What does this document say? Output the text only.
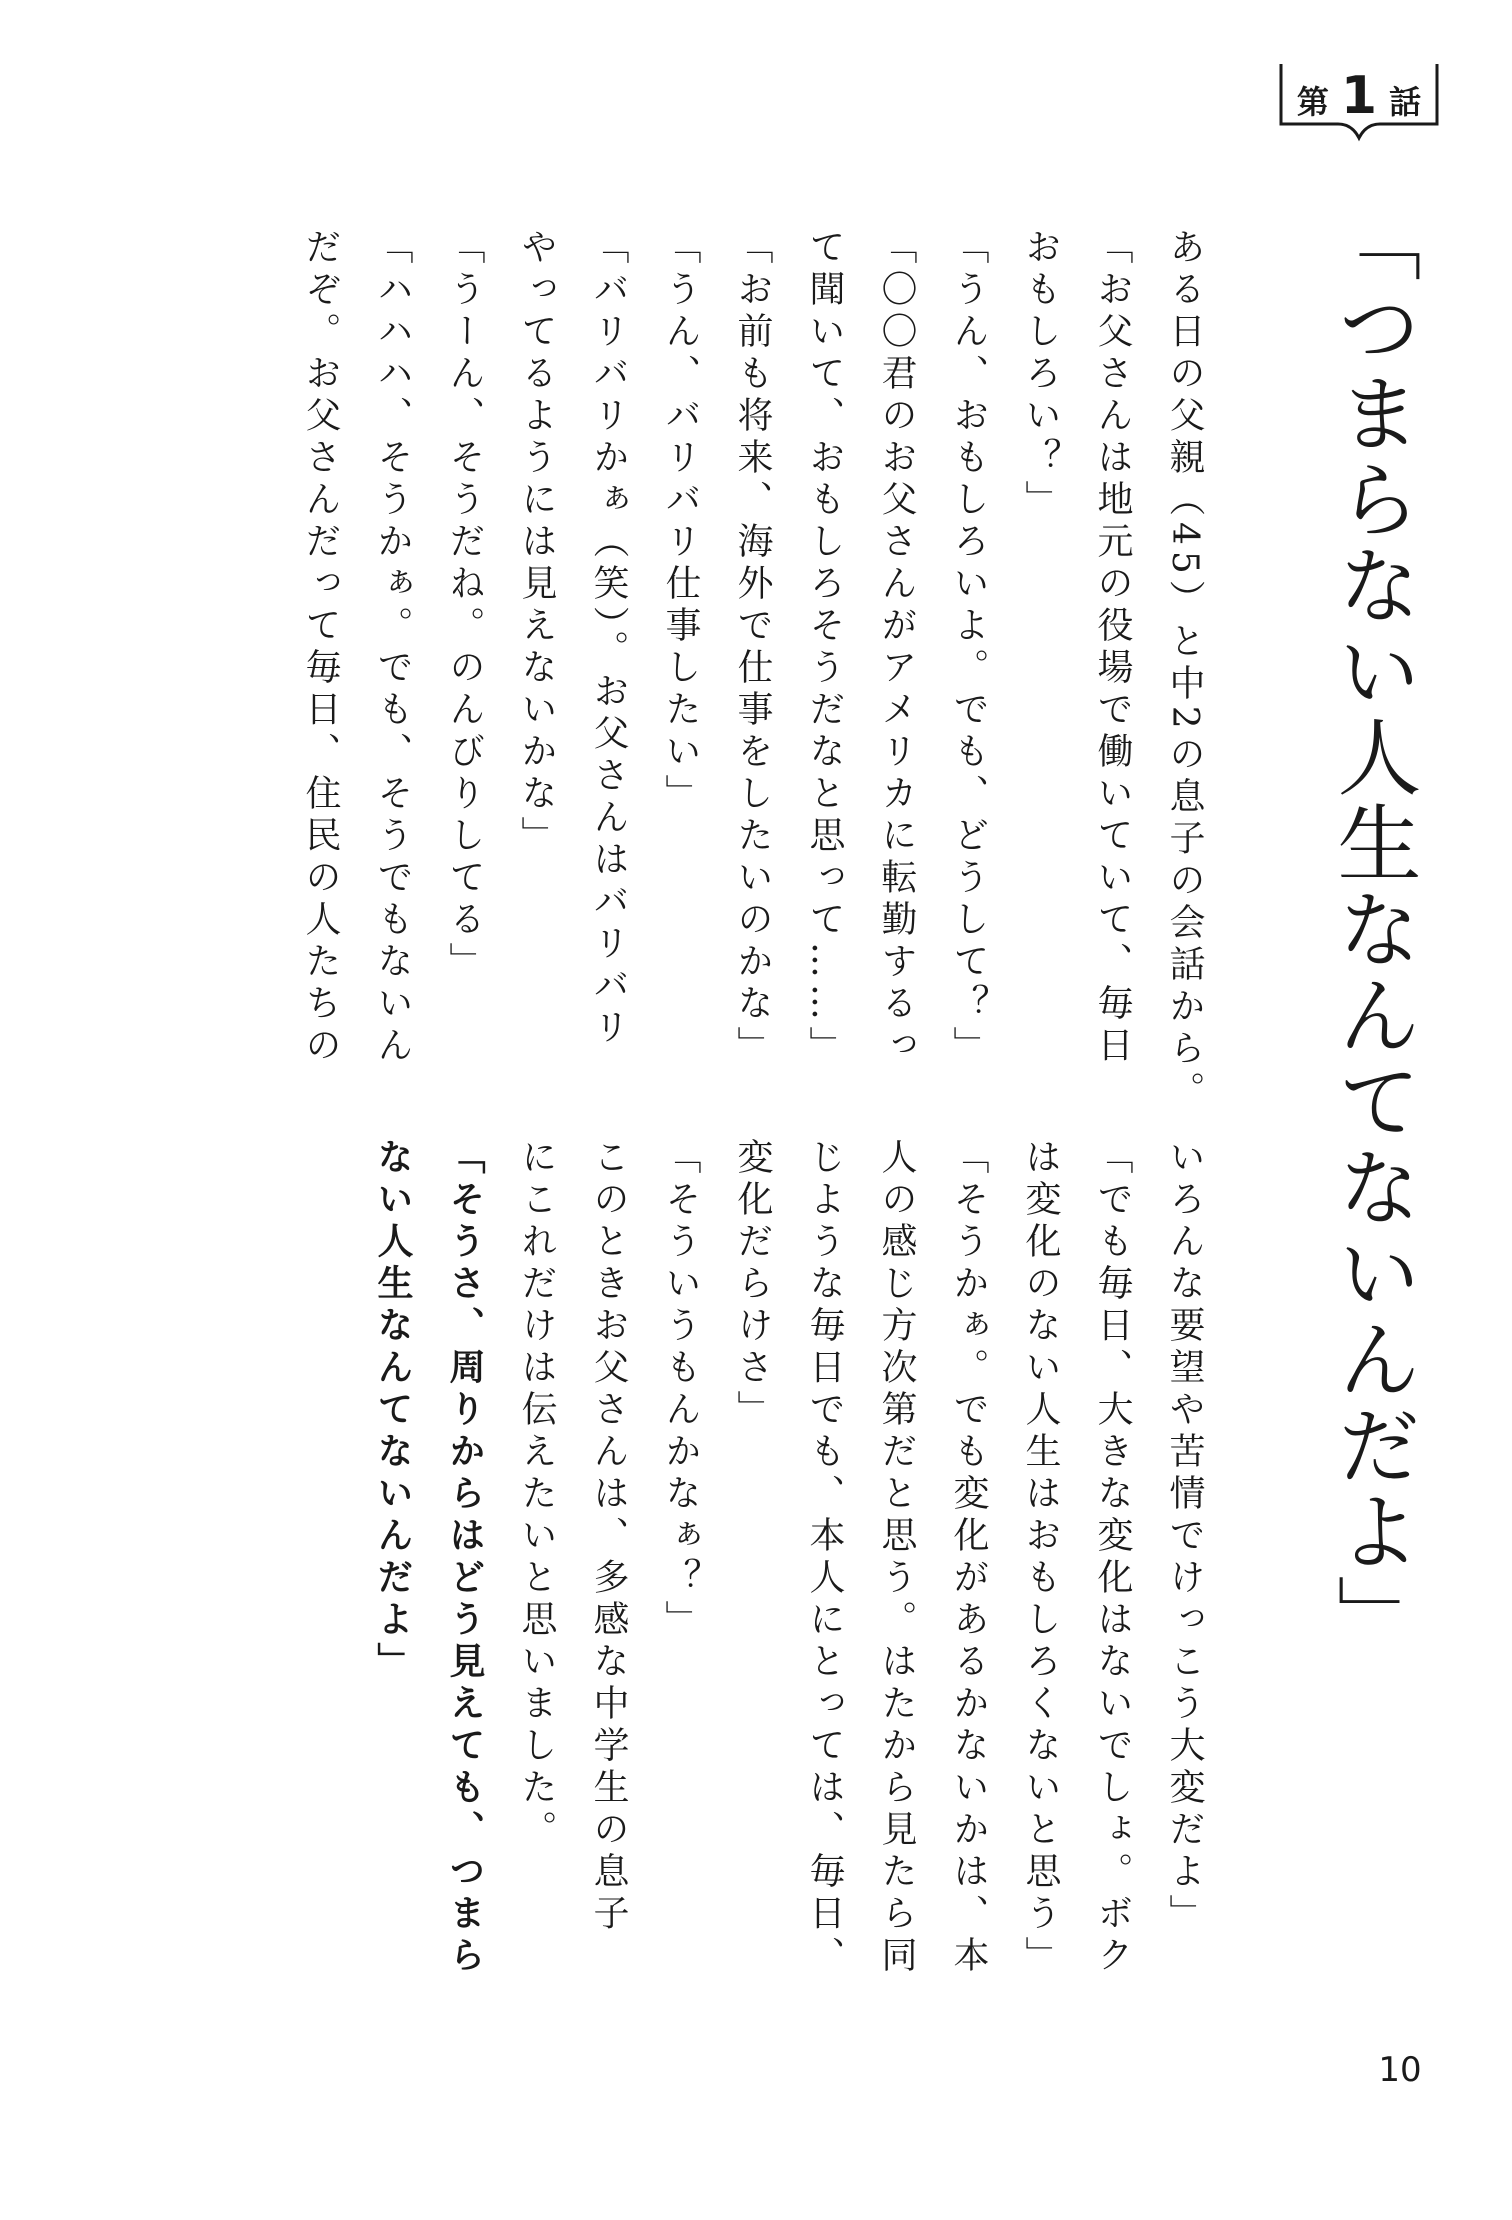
第 1 話
「つまらない人生なんてないんだよ」
ある日の父親（45）と中2の息子の会話から。
「お父さんは地元の役場で働いていて、毎日
おもしろい？」
「うん、おもしろいよ。でも、どうして？」
「〇〇君のお父さんがアメリカに転勤するっ
て聞いて、おもしろそうだなと思って……」
「お前も将来、海外で仕事をしたいのかな」
「うん、バリバリ仕事したい」
「バリバリかぁ（笑）。お父さんはバリバリ
やってるようには見えないかな」
「うーん、そうだね。のんびりしてる」
「ハハハ、そうかぁ。でも、そうでもないん
だぞ。お父さんだって毎日、住民の人たちの
いろんな要望や苦情でけっこう大変だよ」
「でも毎日、大きな変化はないでしょ。ボク
は変化のない人生はおもしろくないと思う」
「そうかぁ。でも変化があるかないかは、本
人の感じ方次第だと思う。はたから見たら同
じような毎日でも、本人にとっては、毎日、
変化だらけさ」
「そういうもんかなぁ？」
このときお父さんは、多感な中学生の息子
にこれだけは伝えたいと思いました。
「そうさ、周りからはどう見えても、つまら
ない人生なんてないんだよ」
10
